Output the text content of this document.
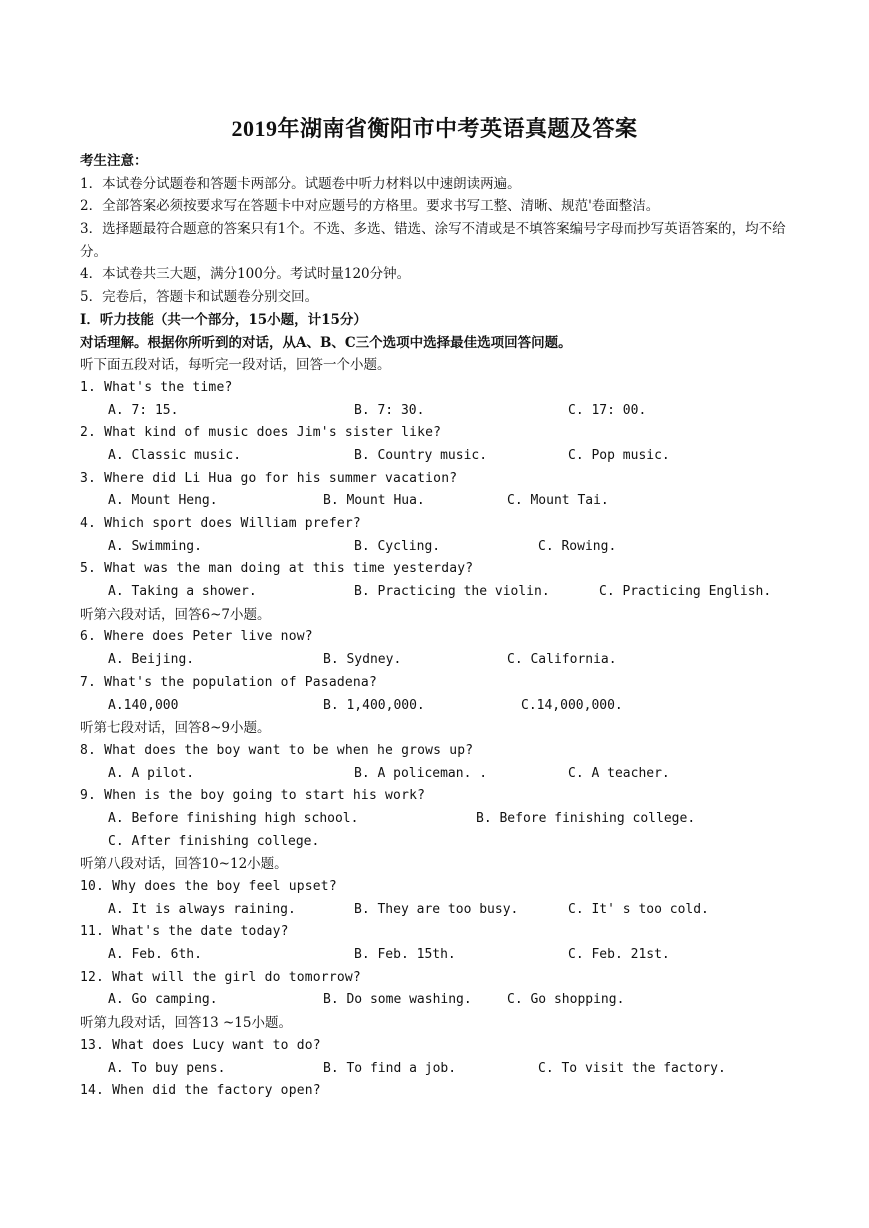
2019年湖南省衡阳市中考英语真题及答案
考生注意：
1．本试卷分试题卷和答题卡两部分。试题卷中听力材料以中速朗读两遍。
2．全部答案必须按要求写在答题卡中对应题号的方格里。要求书写工整、清晰、规范'卷面整洁。
3．选择题最符合题意的答案只有1个。不选、多选、错选、涂写不清或是不填答案编号字母而抄写英语答案的，均不给分。
4．本试卷共三大题，满分100分。考试时量120分钟。
5．完卷后，答题卡和试题卷分别交回。
I．听力技能（共一个部分，15小题，计15分）
对话理解。根据你所听到的对话，从A、B、C三个选项中选择最佳选项回答问题。
听下面五段对话，每听完一段对话，回答一个小题。
1. What's the time?
A. 7: 15.	B. 7: 30.	C. 17: 00.
2. What kind of music does Jim's sister like?
A. Classic music.	B. Country music.	C. Pop music.
3. Where did Li Hua go for his summer vacation?
A. Mount Heng.	B. Mount Hua.	C. Mount Tai.
4. Which sport does William prefer?
A. Swimming.	B. Cycling.	C. Rowing.
5. What was the man doing at this time yesterday?
A. Taking a shower.	B. Practicing the violin.	C. Practicing English.
听第六段对话，回答6~7小题。
6. Where does Peter live now?
A. Beijing.	B. Sydney.	C. California.
7. What's the population of Pasadena?
A.140,000	B. 1,400,000.	C.14,000,000.
听第七段对话，回答8~9小题。
8. What does the boy want to be when he grows up?
A. A pilot.	B. A policeman. .	C. A teacher.
9. When is the boy going to start his work?
A. Before finishing high school.	B. Before finishing college.
C. After finishing college.
听第八段对话，回答10~12小题。
10. Why does the boy feel upset?
A. It is always raining.	B. They are too busy.	C. It' s too cold.
11. What's the date today?
A. Feb. 6th.	B. Feb. 15th.	C. Feb. 21st.
12. What will the girl do tomorrow?
A. Go camping.	B. Do some washing.	C. Go shopping.
听第九段对话，回答13 ~15小题。
13. What does Lucy want to do?
A. To buy pens.	B. To find a job.	C. To visit the factory.
14. When did the factory open?
